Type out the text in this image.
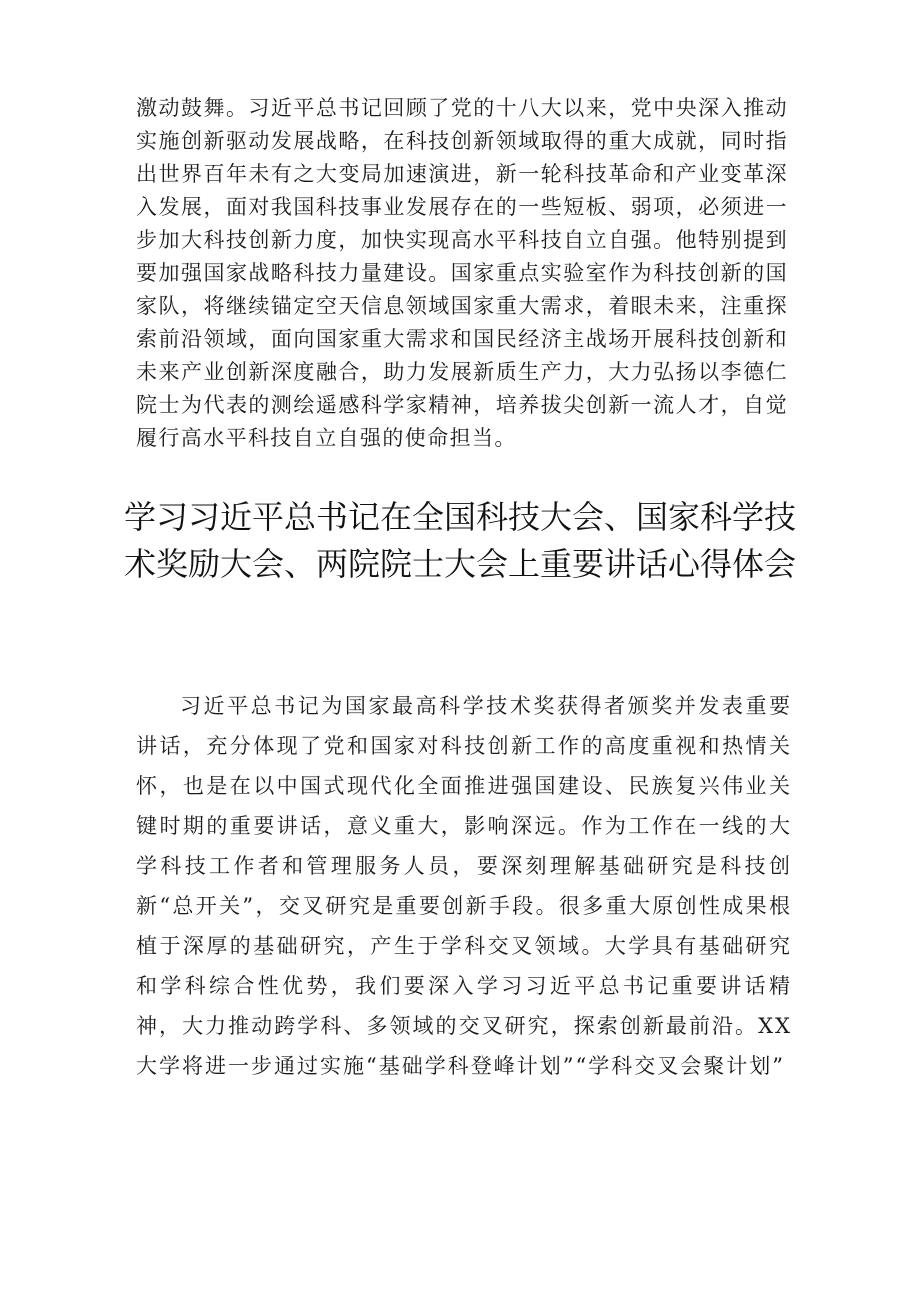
激动鼓舞。习近平总书记回顾了党的十八大以来，党中央深入推动实施创新驱动发展战略，在科技创新领域取得的重大成就，同时指出世界百年未有之大变局加速演进，新一轮科技革命和产业变革深入发展，面对我国科技事业发展存在的一些短板、弱项，必须进一步加大科技创新力度，加快实现高水平科技自立自强。他特别提到要加强国家战略科技力量建设。国家重点实验室作为科技创新的国家队，将继续锚定空天信息领域国家重大需求，着眼未来，注重探索前沿领域，面向国家重大需求和国民经济主战场开展科技创新和未来产业创新深度融合，助力发展新质生产力，大力弘扬以李德仁院士为代表的测绘遥感科学家精神，培养拔尖创新一流人才，自觉履行高水平科技自立自强的使命担当。

学习习近平总书记在全国科技大会、国家科学技术奖励大会、两院院士大会上重要讲话心得体会

习近平总书记为国家最高科学技术奖获得者颁奖并发表重要讲话，充分体现了党和国家对科技创新工作的高度重视和热情关怀，也是在以中国式现代化全面推进强国建设、民族复兴伟业关键时期的重要讲话，意义重大，影响深远。作为工作在一线的大学科技工作者和管理服务人员，要深刻理解基础研究是科技创新“总开关”，交叉研究是重要创新手段。很多重大原创性成果根植于深厚的基础研究，产生于学科交叉领域。大学具有基础研究和学科综合性优势，我们要深入学习习近平总书记重要讲话精神，大力推动跨学科、多领域的交叉研究，探索创新最前沿。XX大学将进一步通过实施“基础学科登峰计划”“学科交叉会聚计划”
